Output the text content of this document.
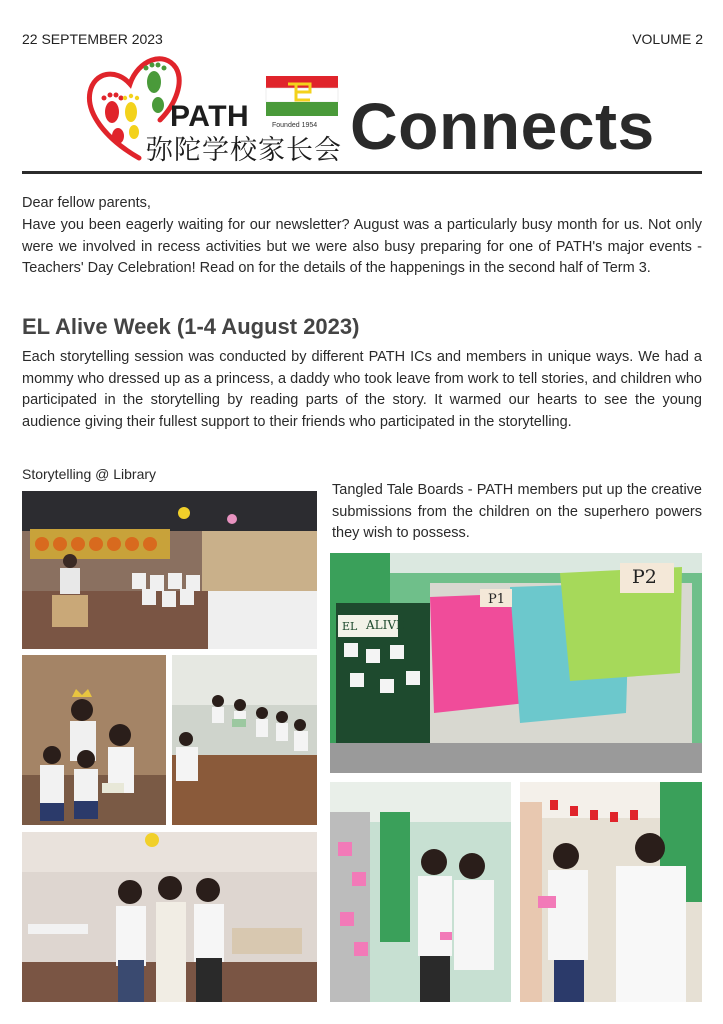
22 SEPTEMBER 2023	VOLUME 2
PATH
弥陀学校家长会
Founded 1954 Connects
Dear fellow parents,
Have you been eagerly waiting for our newsletter? August was a particularly busy month for us. Not only were we involved in recess activities but we were also busy preparing for one of PATH's major events - Teachers' Day Celebration! Read on for the details of the happenings in the second half of Term 3.
EL Alive Week (1-4 August 2023)
Each storytelling session was conducted by different PATH ICs and members in unique ways. We had a mommy who dressed up as a princess, a daddy who took leave from work to tell stories, and children who participated in the storytelling by reading parts of the story. It warmed our hearts to see the young audience giving their fullest support to their friends who participated in the storytelling.
Storytelling @ Library
Tangled Tale Boards - PATH members put up the creative submissions from the children on the superhero powers they wish to possess.
P1
P2
EL ALIVE
